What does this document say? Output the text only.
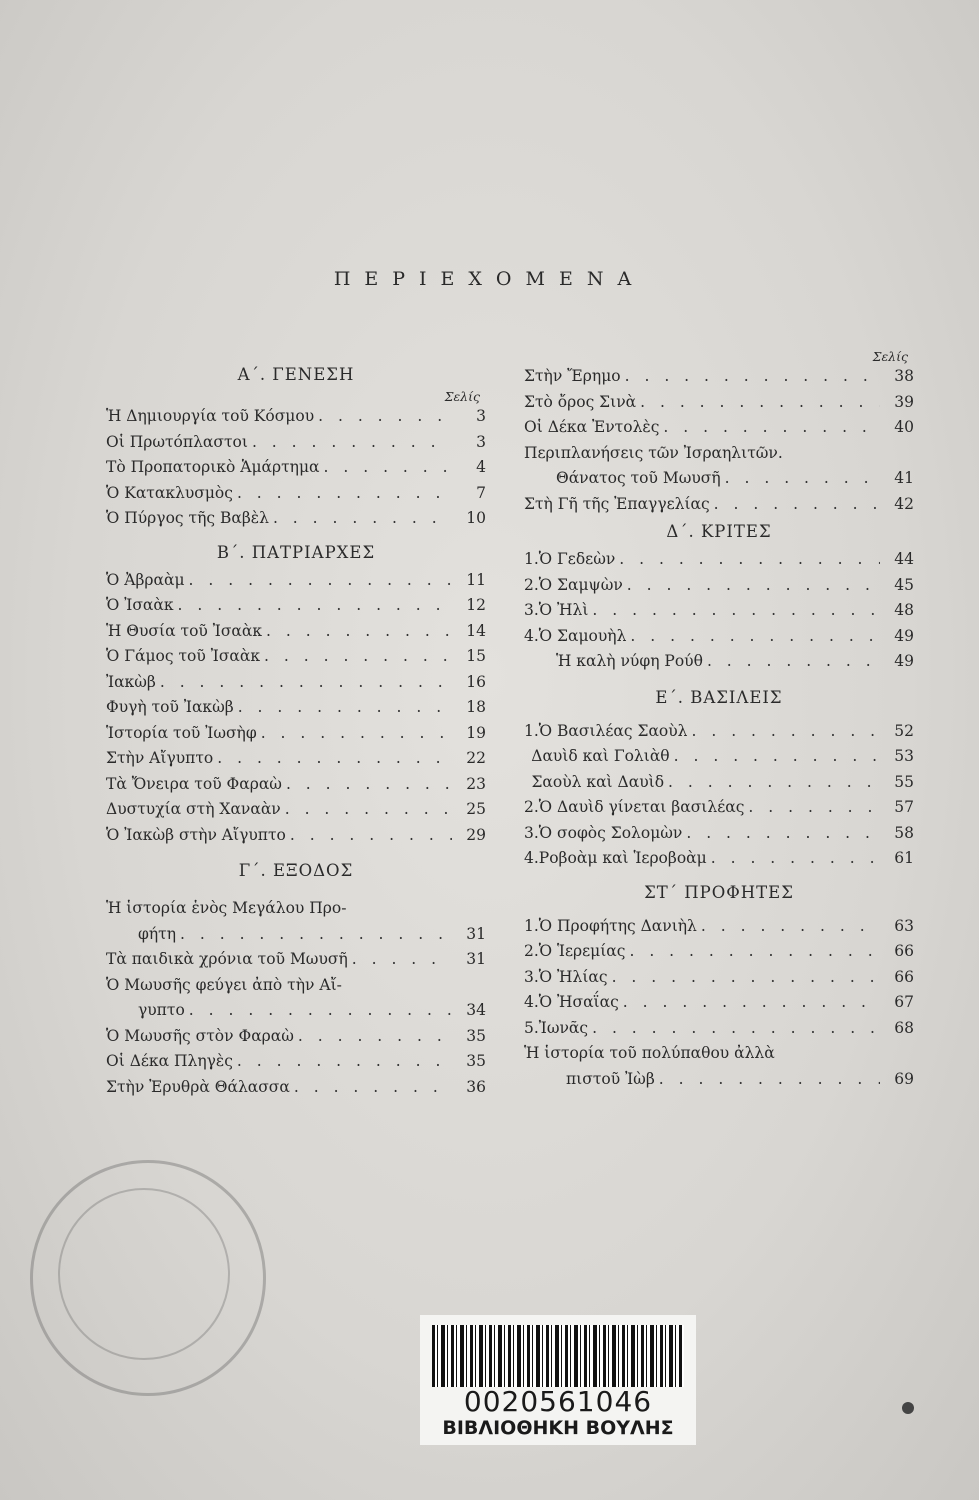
ΠΕΡΙΕΧΟΜΕΝΑ
Α΄. ΓΕΝΕΣΗ
Σελίς
Ἡ Δημιουργία τοῦ Κόσμου . . .	3
Οἱ Πρωτόπλαστοι . . .	3
Τὸ Προπατορικὸ Ἁμάρτημα . . .	4
Ὁ Κατακλυσμὸς . . .	7
Ὁ Πύργος τῆς Βαβὲλ . . .	10
Β΄. ΠΑΤΡΙΑΡΧΕΣ
Ὁ Ἀβραὰμ . . .	11
Ὁ Ἰσαὰκ . . .	12
Ἡ Θυσία τοῦ Ἰσαὰκ . . .	14
Ὁ Γάμος τοῦ Ἰσαὰκ . . .	15
Ἰακὼβ . . .	16
Φυγὴ τοῦ Ἰακὼβ . . .	18
Ἱστορία τοῦ Ἰωσὴφ . . .	19
Στὴν Αἴγυπτο . . .	22
Τὰ Ὄνειρα τοῦ Φαραὼ . . .	23
Δυστυχία στὴ Χαναὰν . . .	25
Ὁ Ἰακὼβ στὴν Αἴγυπτο . . .	29
Γ΄. ΕΞΟΔΟΣ
Ἡ ἱστορία ἑνὸς Μεγάλου Προ-
φήτη . . .	31
Τὰ παιδικὰ χρόνια τοῦ Μωυσῆ . . .	31
Ὁ Μωυσῆς φεύγει ἀπὸ τὴν Αἴ-
γυπτο . . .	34
Ὁ Μωυσῆς στὸν Φαραὼ . . .	35
Οἱ Δέκα Πληγὲς . . .	35
Στὴν Ἐρυθρὰ Θάλασσα . . .	36
Σελίς
Στὴν Ἔρημο . . .	38
Στὸ ὄρος Σινὰ . . .	39
Οἱ Δέκα Ἐντολὲς . . .	40
Περιπλανήσεις τῶν Ἰσραηλιτῶν.
Θάνατος τοῦ Μωυσῆ . . .	41
Στὴ Γῆ τῆς Ἐπαγγελίας . . .	42
Δ΄. ΚΡΙΤΕΣ
1. Ὁ Γεδεὼν . . .	44
2. Ὁ Σαμψὼν . . .	45
3. Ὁ Ἠλὶ . . .	48
4. Ὁ Σαμουὴλ . . .	49
Ἡ καλὴ νύφη Ρούθ . . .	49
Ε΄. ΒΑΣΙΛΕΙΣ
1. Ὁ Βασιλέας Σαοὺλ . . .	52
Δαυὶδ καὶ Γολιὰθ . . .	53
Σαοὺλ καὶ Δαυὶδ . . .	55
2. Ὁ Δαυὶδ γίνεται βασιλέας . . .	57
3. Ὁ σοφὸς Σολομὼν . . .	58
4. Ροβοὰμ καὶ Ἱεροβοὰμ . . .	61
ΣΤ΄ ΠΡΟΦΗΤΕΣ
1. Ὁ Προφήτης Δανιὴλ . . .	63
2. Ὁ Ἱερεμίας . . .	66
3. Ὁ Ἠλίας . . .	66
4. Ὁ Ἠσαΐας . . .	67
5. Ἰωνᾶς . . .	68
Ἡ ἱστορία τοῦ πολύπαθου ἀλλὰ
πιστοῦ Ἰὼβ . . .	69
0020561046
ΒΙΒΛΙΟΘΗΚΗ ΒΟΥΛΗΣ
